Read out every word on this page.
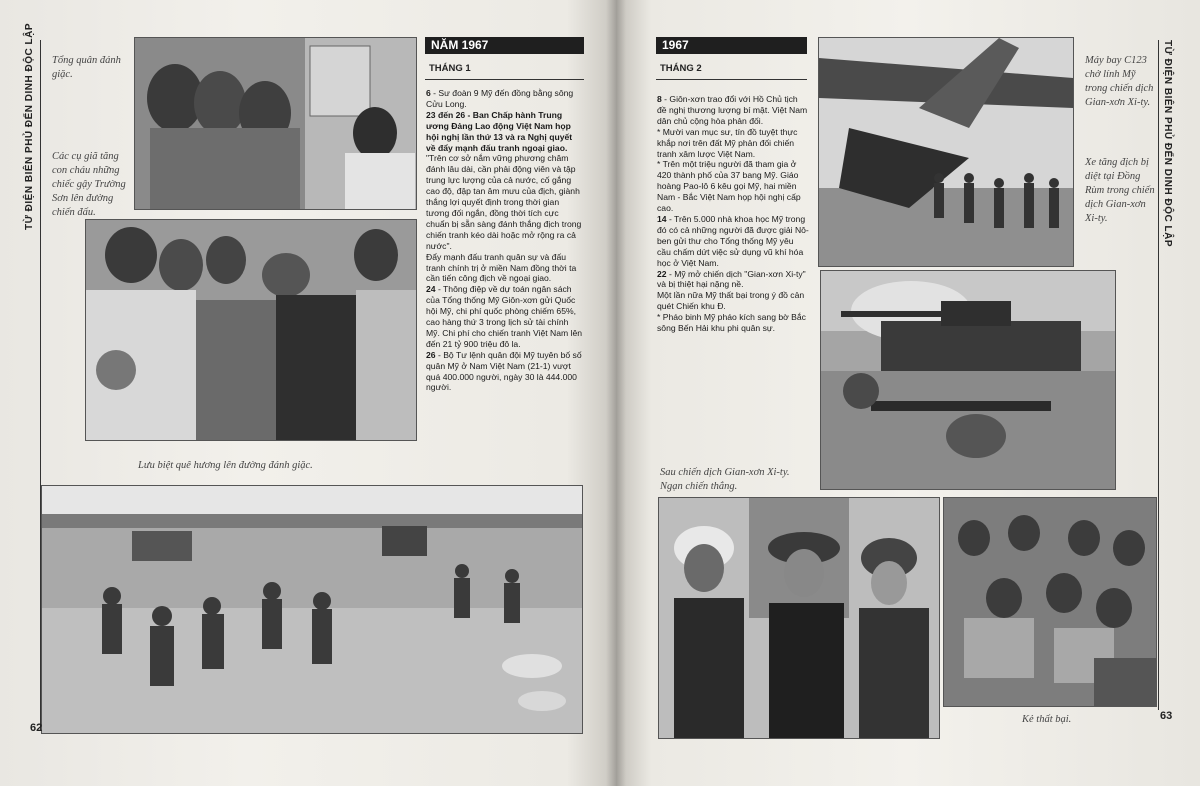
TỪ ĐIỆN BIÊN PHỦ ĐẾN DINH ĐỘC LẬP	TỪ ĐIỆN BIÊN PHỦ ĐẾN DINH ĐỘC LẬP
Tổng quân đánh giặc.
Các cụ giã tăng con cháu những chiếc gậy Trường Sơn lên đường chiến đấu.
Lưu biệt quê hương lên đường đánh giặc.
NĂM 1967
THÁNG 1

6 - Sư đoàn 9 Mỹ đến đồng bằng sông Cửu Long.

23 đến 26 - Ban Chấp hành Trung ương Đảng Lao động Việt Nam họp hội nghị lần thứ 13 và ra Nghị quyết về đẩy mạnh đấu tranh ngoại giao. "Trên cơ sở nắm vững phương châm đánh lâu dài, cần phải động viên và tập trung lực lượng của cả nước, cố gắng cao độ, đập tan âm mưu của địch, giành thắng lợi quyết định trong thời gian tương đối ngắn, đồng thời tích cực chuẩn bị sẵn sàng đánh thắng địch trong chiến tranh kéo dài hoặc mở rộng ra cả nước".

Đẩy mạnh đấu tranh quân sự và đấu tranh chính trị ở miền Nam đồng thời ta cần tiến công địch về ngoại giao.

24 - Thông điệp về dự toán ngân sách của Tổng thống Mỹ Giôn-xơn gửi Quốc hội Mỹ, chi phí quốc phòng chiếm 65%, cao hàng thứ 3 trong lịch sử tài chính Mỹ. Chi phí cho chiến tranh Việt Nam lên đến 21 tỷ 900 triệu đô la.

26 - Bộ Tư lệnh quân đội Mỹ tuyên bố số quân Mỹ ở Nam Việt Nam (21-1) vượt quá 400.000 người, ngày 30 là 444.000 người.

62
1967
THÁNG 2

8 - Giôn-xơn trao đổi với Hồ Chủ tịch đề nghị thương lượng bí mật. Việt Nam dân chủ cộng hòa phản đối.

* Mười van mục sư, tín đồ tuyệt thực khắp nơi trên đất Mỹ phản đối chiến tranh xâm lược Việt Nam.

* Trên một triệu người đã tham gia ở 420 thành phố của 37 bang Mỹ. Giáo hoàng Pao-lô 6 kêu gọi Mỹ, hai miền Nam - Bắc Việt Nam họp hội nghị cấp cao.

14 - Trên 5.000 nhà khoa học Mỹ trong đó có cả những người đã được giải Nô-ben gửi thư cho Tổng thống Mỹ yêu cầu chấm dứt việc sử dụng vũ khí hóa học ở Việt Nam.

22 - Mỹ mở chiến dịch "Gian-xơn Xi-ty" và bị thiệt hại nặng nề.

Một lần nữa Mỹ thất bại trong ý đồ cản quét Chiến khu Đ.

* Pháo binh Mỹ pháo kích sang bờ Bắc sông Bến Hải khu phi quân sự.

Máy bay C123 chở lính Mỹ trong chiến dịch Gian-xơn Xi-ty.
Xe tăng địch bị diệt tại Đồng Rùm trong chiến dịch Gian-xơn Xi-ty.
Sau chiến dịch Gian-xơn Xi-ty. Ngạn chiến thắng.
Kẻ thất bại.	63
